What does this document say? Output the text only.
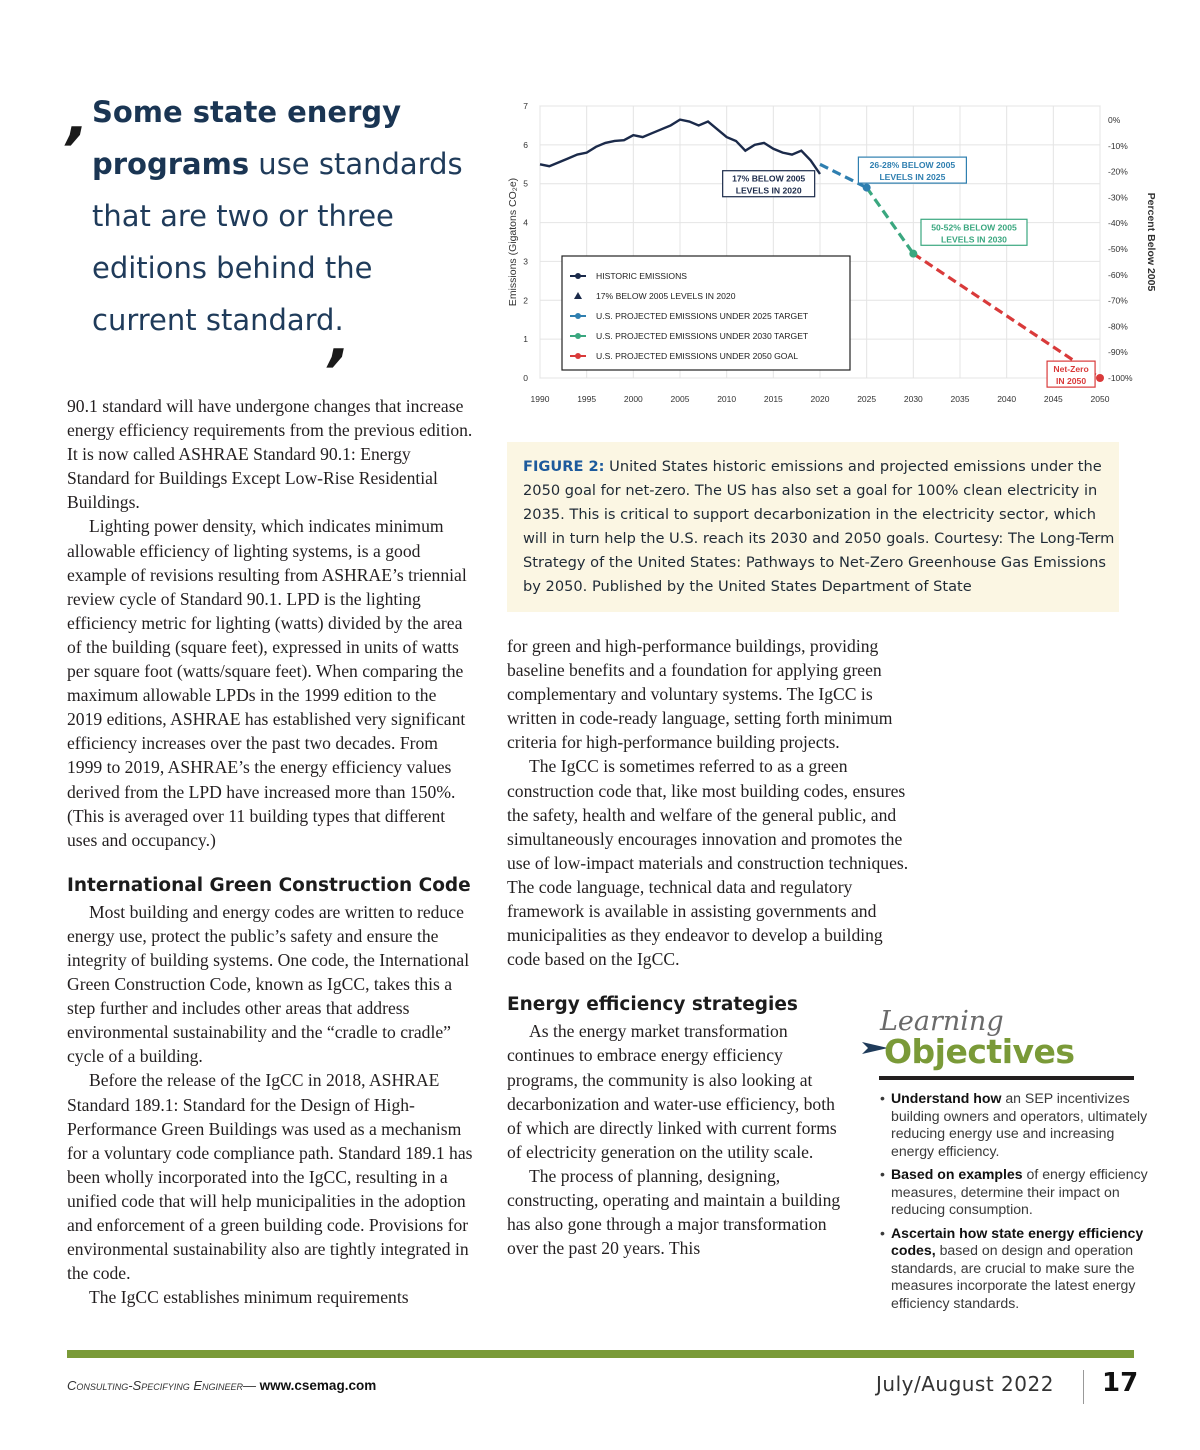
‚
Some state energy programs use standards that are two or three editions behind the current standard.
‚

90.1 standard will have undergone changes that increase energy efficiency requirements from the previous edition. It is now called ASHRAE Standard 90.1: Energy Standard for Buildings Except Low-Rise Residential Buildings.

Lighting power density, which indicates minimum allowable efficiency of lighting systems, is a good example of revisions resulting from ASHRAE’s triennial review cycle of Standard 90.1. LPD is the lighting efficiency metric for lighting (watts) divided by the area of the building (square feet), expressed in units of watts per square foot (watts/square feet). When comparing the maximum allowable LPDs in the 1999 edition to the 2019 editions, ASHRAE has established very significant efficiency increases over the past two decades. From 1999 to 2019, ASHRAE’s the energy efficiency values derived from the LPD have increased more than 150%. (This is averaged over 11 building types that different uses and occupancy.)

International Green Construction Code

Most building and energy codes are written to reduce energy use, protect the public’s safety and ensure the integrity of building systems. One code, the International Green Construction Code, known as IgCC, takes this a step further and includes other areas that address environmental sustainability and the “cradle to cradle” cycle of a building.

Before the release of the IgCC in 2018, ASHRAE Standard 189.1: Standard for the Design of High-Performance Green Buildings was used as a mechanism for a voluntary code compliance path. Standard 189.1 has been wholly incorporated into the IgCC, resulting in a unified code that will help municipalities in the adoption and enforcement of a green building code. Provisions for environmental sustainability also are tightly integrated in the code.

The IgCC establishes minimum requirements

1990	1995	2000	2005	2010	2015	2020	2025	2030	2035	2040	2045	2050
0
1
2
3
4
5
6
7
0%
-10%
-20%
-30%
-40%
-50%
-60%
-70%
-80%
-90%
-100%
Emissions (Gigatons CO₂e)	Percent Below 2005
17% BELOW 2005
LEVELS IN 2020
26-28% BELOW 2005
LEVELS IN 2025
50-52% BELOW 2005
LEVELS IN 2030
Net-Zero
IN 2050
HISTORIC EMISSIONS
17% BELOW 2005 LEVELS IN 2020
U.S. PROJECTED EMISSIONS UNDER 2025 TARGET
U.S. PROJECTED EMISSIONS UNDER 2030 TARGET
U.S. PROJECTED EMISSIONS UNDER 2050 GOAL
FIGURE 2: United States historic emissions and projected emissions under the 2050 goal for net-zero. The US has also set a goal for 100% clean electricity in 2035. This is critical to support decarbonization in the electricity sector, which will in turn help the U.S. reach its 2030 and 2050 goals. Courtesy: The Long-Term Strategy of the United States: Pathways to Net-Zero Greenhouse Gas Emissions by 2050. Published by the United States Department of State

for green and high-performance buildings, providing baseline benefits and a foundation for applying green complementary and voluntary systems. The IgCC is written in code-ready language, setting forth minimum criteria for high-performance building projects.

The IgCC is sometimes referred to as a green construction code that, like most building codes, ensures the safety, health and welfare of the general public, and simultaneously encourages innovation and promotes the use of low-impact materials and construction techniques. The code language, technical data and regulatory framework is available in assisting governments and municipalities as they endeavor to develop a building code based on the IgCC.

Energy efficiency strategies

As the energy market transformation continues to embrace energy efficiency programs, the community is also looking at decarbonization and water-use efficiency, both of which are directly linked with current forms of electricity generation on the utility scale.

The process of planning, designing, constructing, operating and maintain a building has also gone through a major transformation over the past 20 years. This

Learning
Objectives
• Understand how an SEP incentivizes building owners and operators, ultimately reducing energy use and increasing energy efficiency.
• Based on examples of energy efficiency measures, determine their impact on reducing consumption.
• Ascertain how state energy efficiency codes, based on design and operation standards, are crucial to make sure the measures incorporate the latest energy efficiency standards.
Consulting-Specifying Engineer— www.csemag.com	July/August 2022 17
